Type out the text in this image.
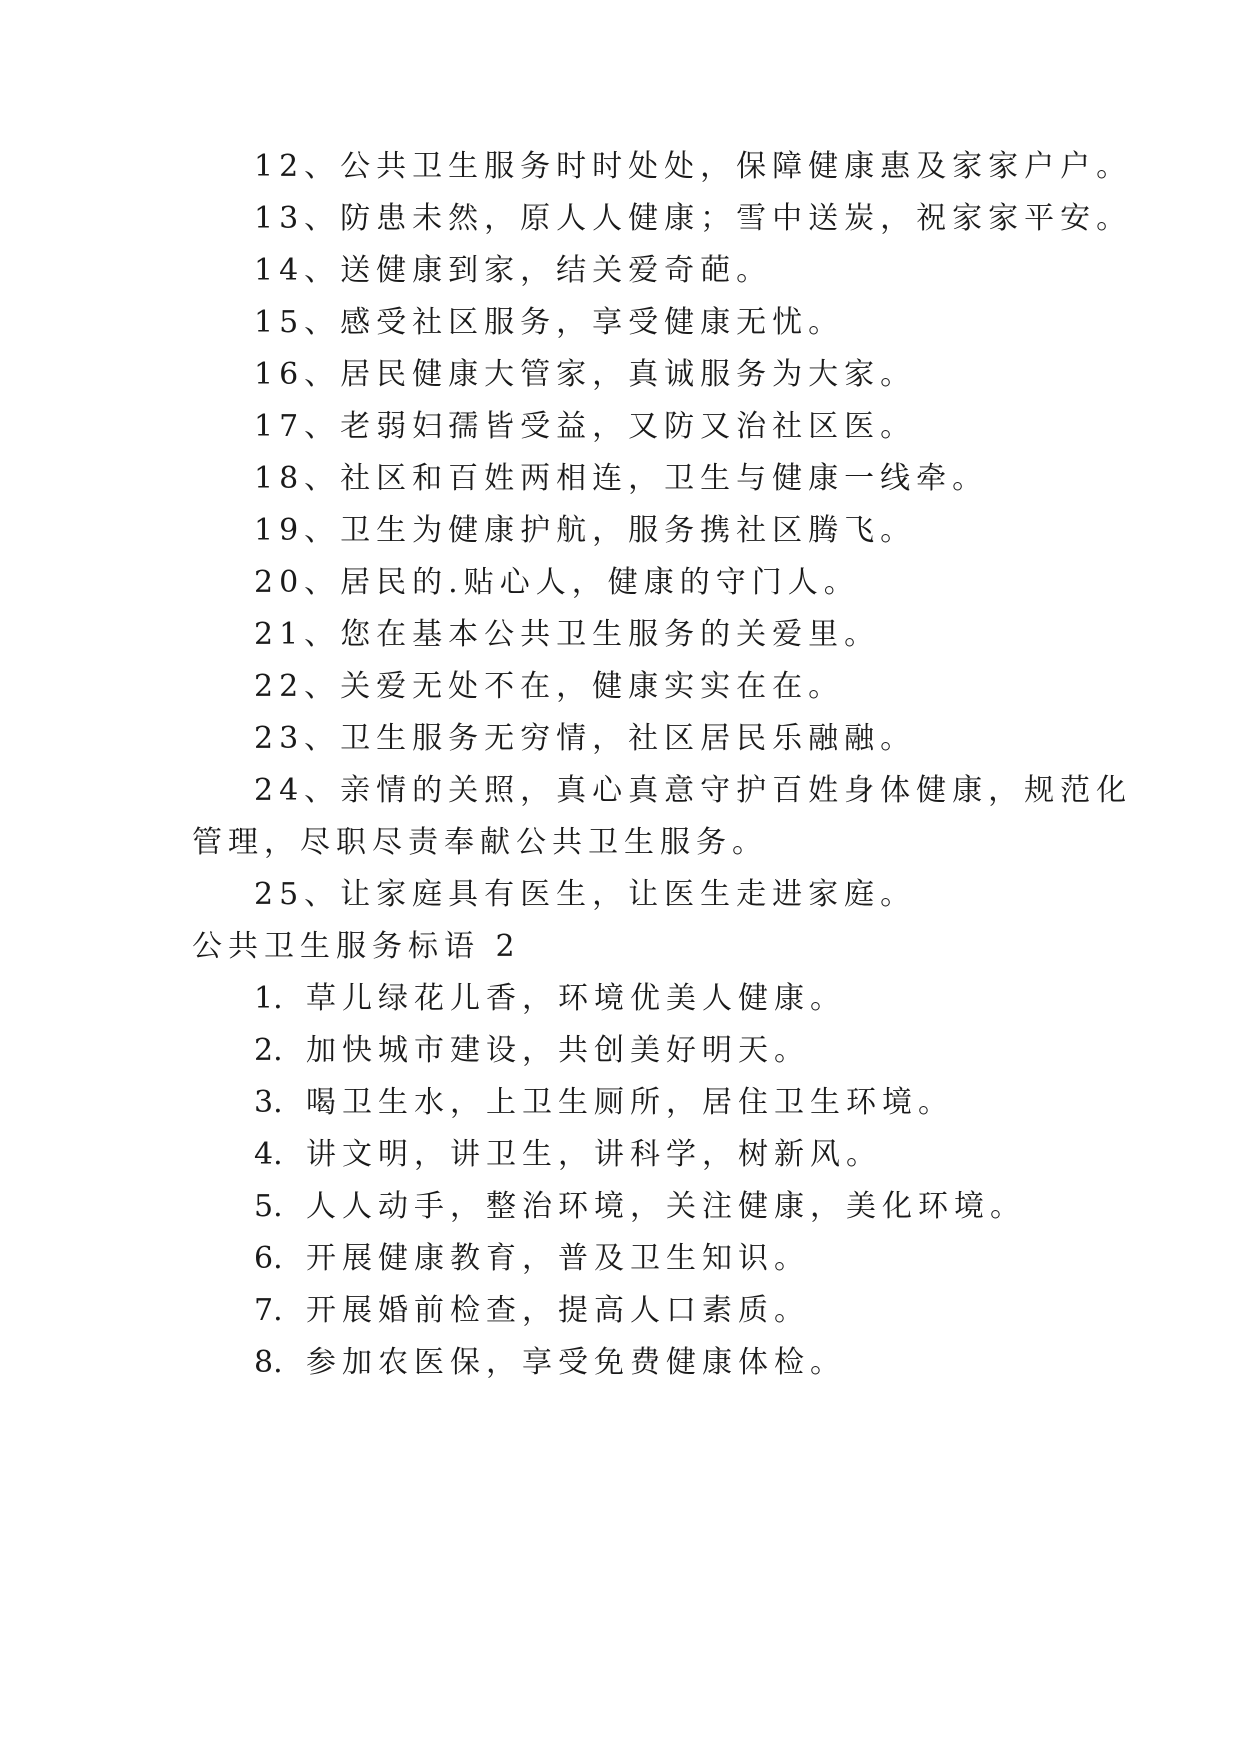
12、公共卫生服务时时处处，保障健康惠及家家户户。
13、防患未然，原人人健康；雪中送炭，祝家家平安。
14、送健康到家，结关爱奇葩。
15、感受社区服务，享受健康无忧。
16、居民健康大管家，真诚服务为大家。
17、老弱妇孺皆受益，又防又治社区医。
18、社区和百姓两相连，卫生与健康一线牵。
19、卫生为健康护航，服务携社区腾飞。
20、居民的.贴心人，健康的守门人。
21、您在基本公共卫生服务的关爱里。
22、关爱无处不在，健康实实在在。
23、卫生服务无穷情，社区居民乐融融。
24、亲情的关照，真心真意守护百姓身体健康，规范化
管理，尽职尽责奉献公共卫生服务。
25、让家庭具有医生，让医生走进家庭。
公共卫生服务标语 2
1. 草儿绿花儿香，环境优美人健康。
2. 加快城市建设，共创美好明天。
3. 喝卫生水，上卫生厕所，居住卫生环境。
4. 讲文明，讲卫生，讲科学，树新风。
5. 人人动手，整治环境，关注健康，美化环境。
6. 开展健康教育，普及卫生知识。
7. 开展婚前检查，提高人口素质。
8. 参加农医保，享受免费健康体检。
